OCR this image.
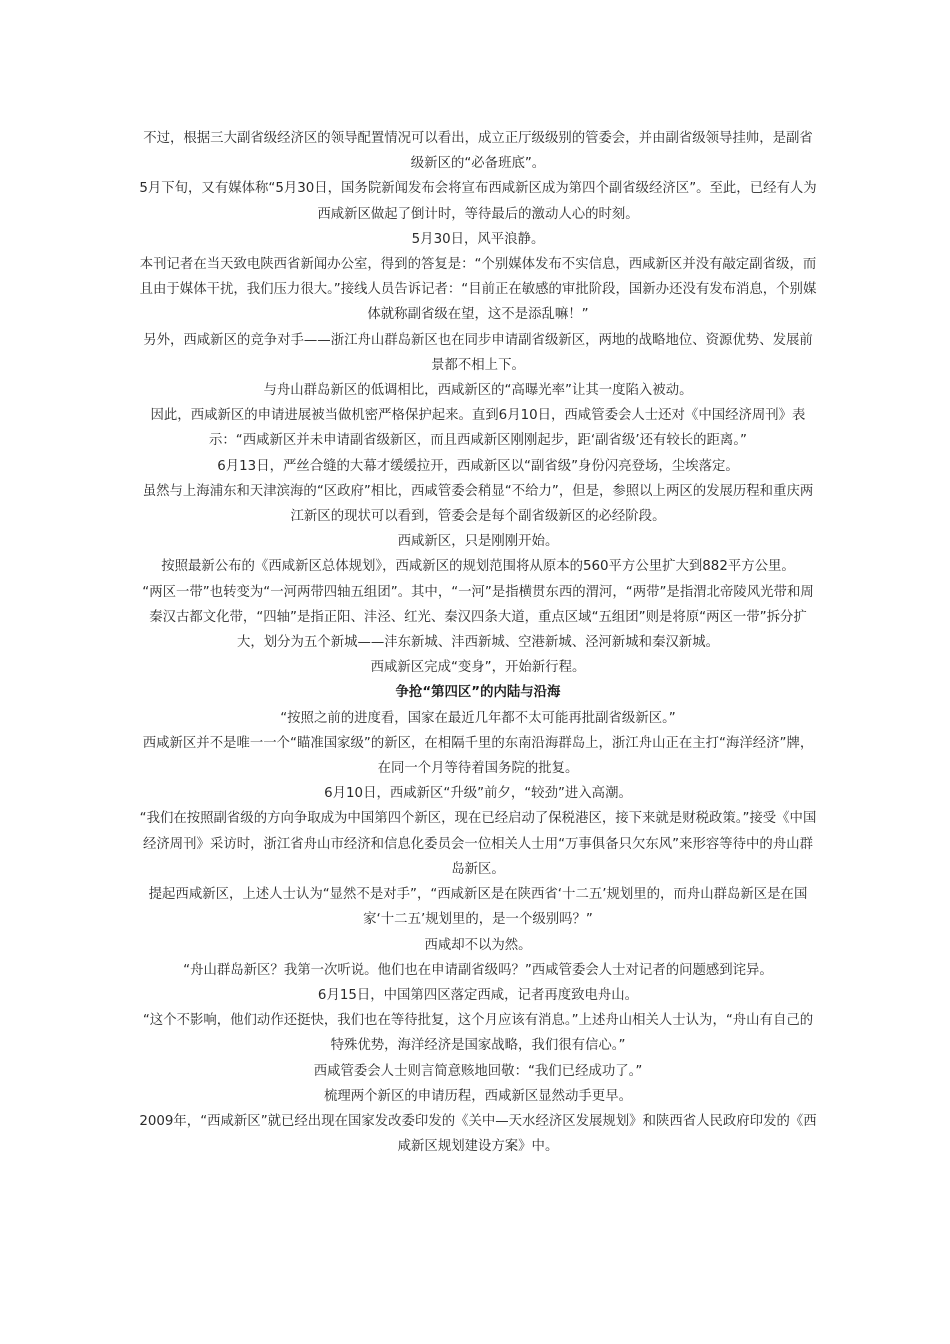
不过，根据三大副省级经济区的领导配置情况可以看出，成立正厅级级别的管委会，并由副省级领导挂帅，是副省级新区的“必备班底”。

5月下旬，又有媒体称“5月30日，国务院新闻发布会将宣布西咸新区成为第四个副省级经济区”。至此，已经有人为西咸新区做起了倒计时，等待最后的激动人心的时刻。

5月30日，风平浪静。

本刊记者在当天致电陕西省新闻办公室，得到的答复是：“个别媒体发布不实信息，西咸新区并没有敲定副省级，而且由于媒体干扰，我们压力很大。”接线人员告诉记者：“目前正在敏感的审批阶段，国新办还没有发布消息，个别媒体就称副省级在望，这不是添乱嘛！”

另外，西咸新区的竞争对手——浙江舟山群岛新区也在同步申请副省级新区，两地的战略地位、资源优势、发展前景都不相上下。

与舟山群岛新区的低调相比，西咸新区的“高曝光率”让其一度陷入被动。

因此，西咸新区的申请进展被当做机密严格保护起来。直到6月10日，西咸管委会人士还对《中国经济周刊》表示：“西咸新区并未申请副省级新区，而且西咸新区刚刚起步，距‘副省级’还有较长的距离。”

6月13日，严丝合缝的大幕才缓缓拉开，西咸新区以“副省级”身份闪亮登场，尘埃落定。

虽然与上海浦东和天津滨海的“区政府”相比，西咸管委会稍显“不给力”，但是，参照以上两区的发展历程和重庆两江新区的现状可以看到，管委会是每个副省级新区的必经阶段。

西咸新区，只是刚刚开始。

按照最新公布的《西咸新区总体规划》，西咸新区的规划范围将从原本的560平方公里扩大到882平方公里。

“两区一带”也转变为“一河两带四轴五组团”。其中，“一河”是指横贯东西的渭河，“两带”是指渭北帝陵风光带和周秦汉古都文化带，“四轴”是指正阳、沣泾、红光、秦汉四条大道，重点区域“五组团”则是将原“两区一带”拆分扩大，划分为五个新城——沣东新城、沣西新城、空港新城、泾河新城和秦汉新城。

西咸新区完成“变身”，开始新行程。

争抢“第四区”的内陆与沿海

“按照之前的进度看，国家在最近几年都不太可能再批副省级新区。”

西咸新区并不是唯一一个“瞄准国家级”的新区，在相隔千里的东南沿海群岛上，浙江舟山正在主打“海洋经济”牌，在同一个月等待着国务院的批复。

6月10日，西咸新区“升级”前夕，“较劲”进入高潮。

“我们在按照副省级的方向争取成为中国第四个新区，现在已经启动了保税港区，接下来就是财税政策。”接受《中国经济周刊》采访时，浙江省舟山市经济和信息化委员会一位相关人士用“万事俱备只欠东风”来形容等待中的舟山群岛新区。

提起西咸新区，上述人士认为“显然不是对手”，“西咸新区是在陕西省‘十二五’规划里的，而舟山群岛新区是在国家‘十二五’规划里的，是一个级别吗？”

西咸却不以为然。

“舟山群岛新区？我第一次听说。他们也在申请副省级吗？”西咸管委会人士对记者的问题感到诧异。

6月15日，中国第四区落定西咸，记者再度致电舟山。

“这个不影响，他们动作还挺快，我们也在等待批复，这个月应该有消息。”上述舟山相关人士认为，“舟山有自己的特殊优势，海洋经济是国家战略，我们很有信心。”

西咸管委会人士则言简意赅地回敬：“我们已经成功了。”

梳理两个新区的申请历程，西咸新区显然动手更早。

2009年，“西咸新区”就已经出现在国家发改委印发的《关中—天水经济区发展规划》和陕西省人民政府印发的《西咸新区规划建设方案》中。
